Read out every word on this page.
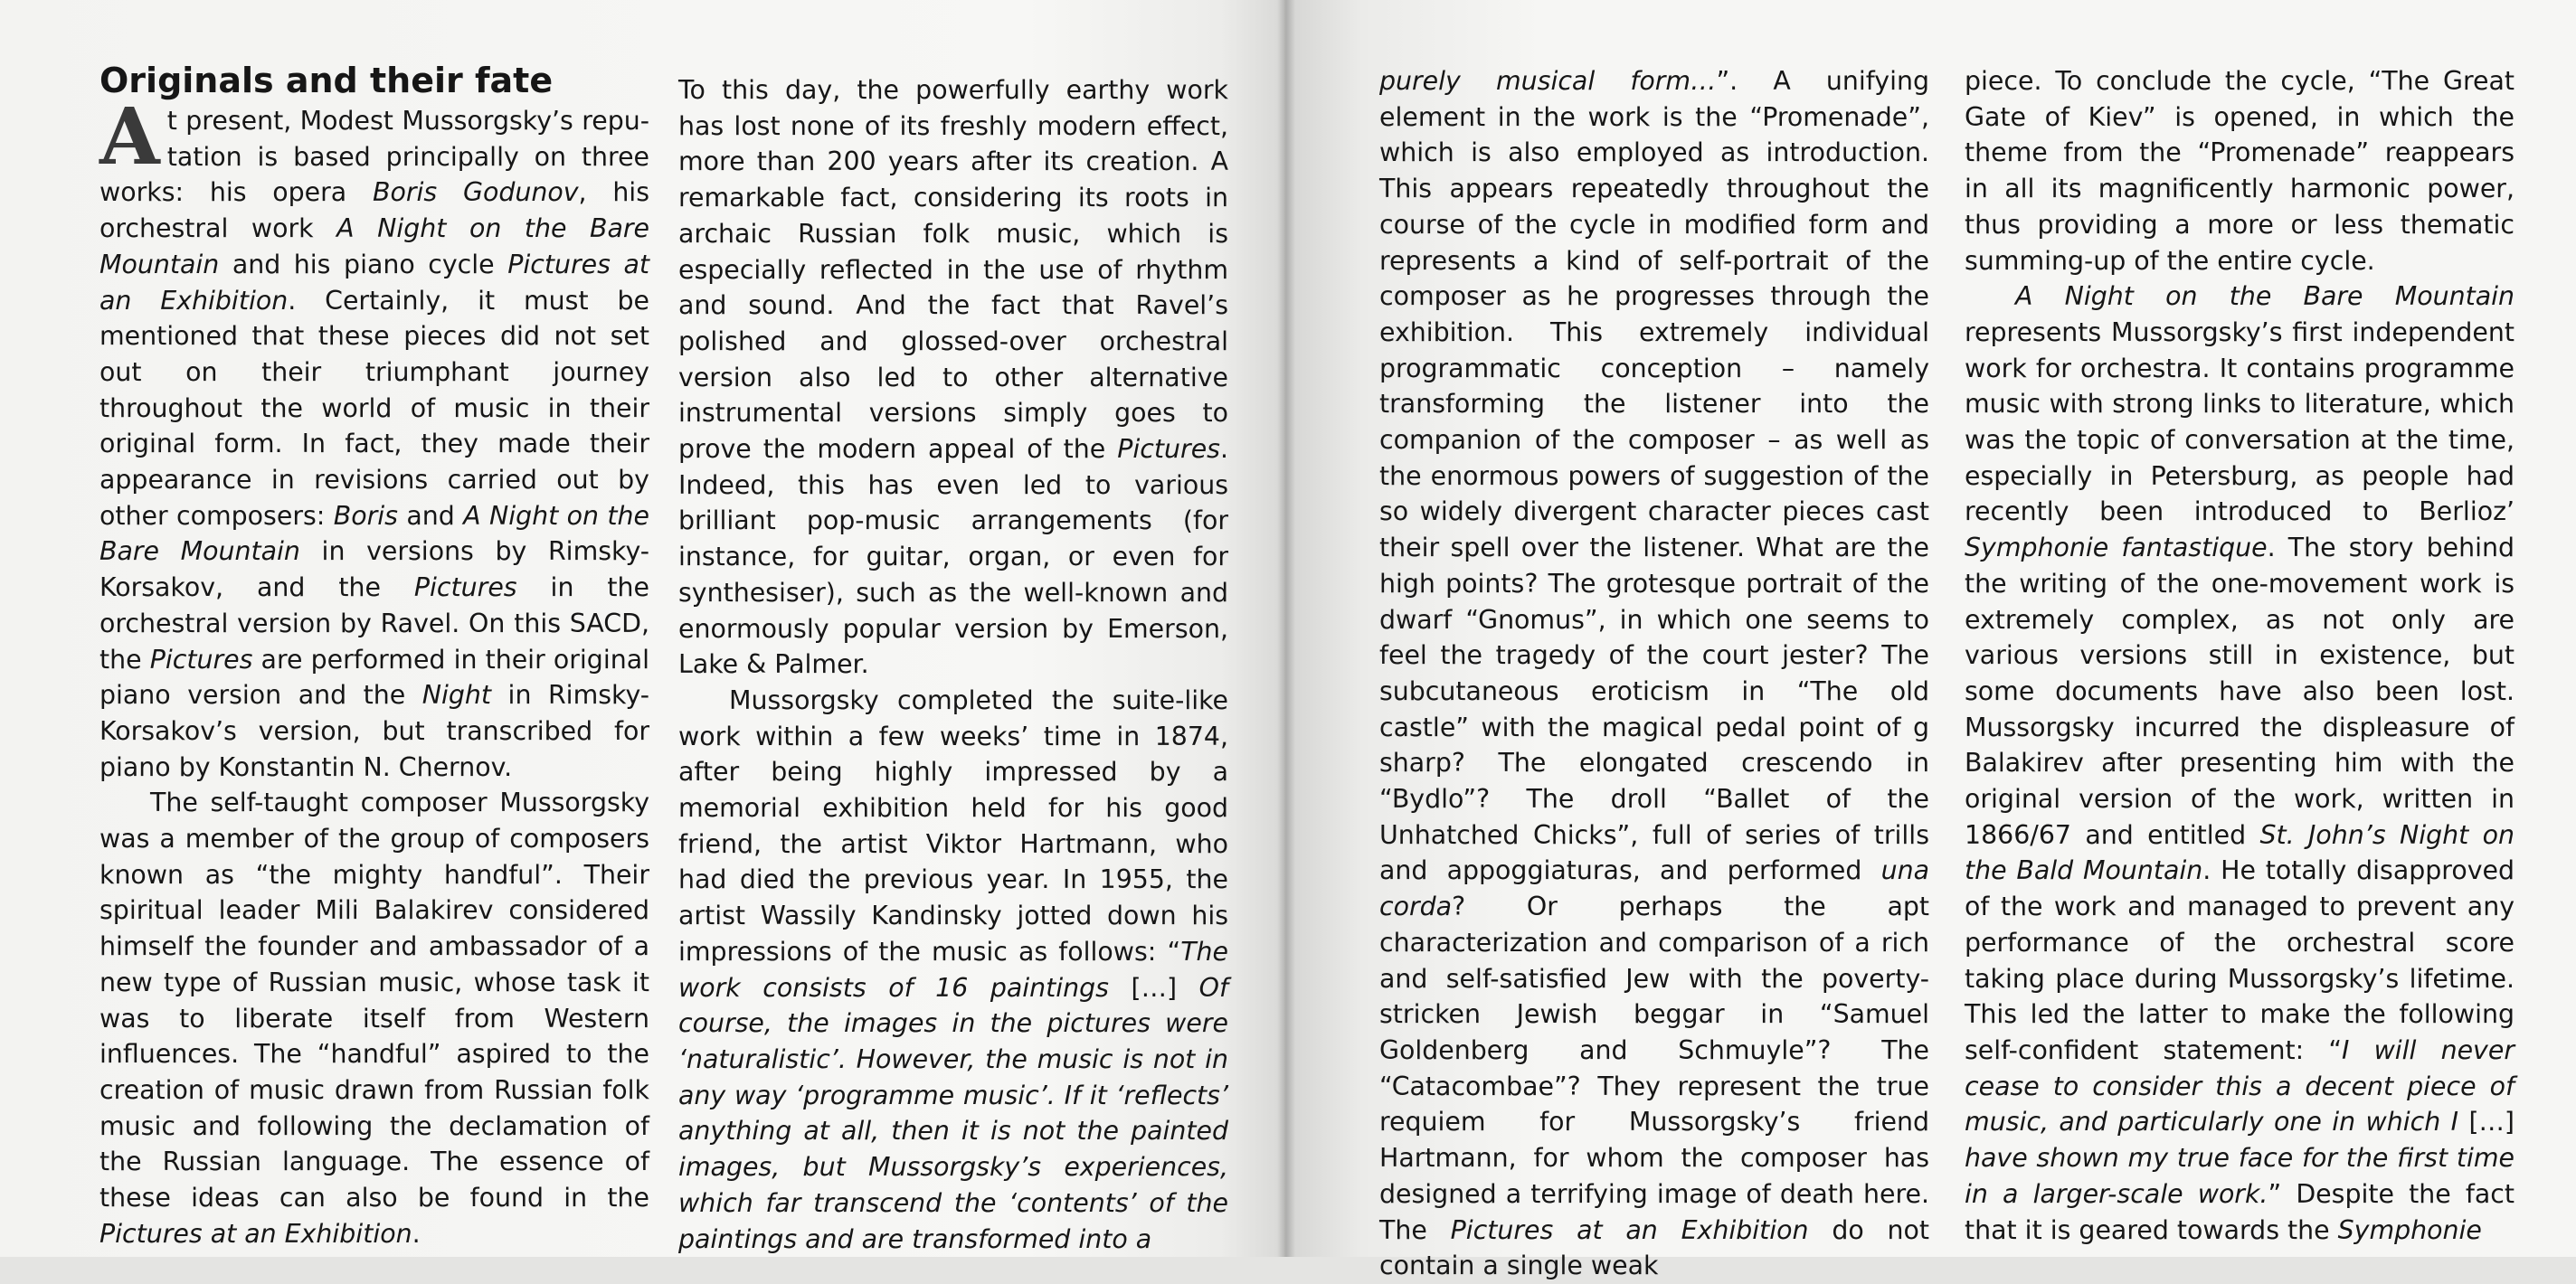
Originals and their fate

At present, Modest Mussorgsky’s repu-tation is based principally on three works: his opera Boris Godunov, his orchestral work A Night on the Bare Mountain and his piano cycle Pictures at an Exhibition. Certainly, it must be mentioned that these pieces did not set out on their triumphant journey throughout the world of music in their original form. In fact, they made their appearance in revisions carried out by other composers: Boris and A Night on the Bare Mountain in versions by Rimsky-Korsakov, and the Pictures in the orchestral version by Ravel. On this SACD, the Pictures are performed in their original piano version and the Night in Rimsky-Korsakov’s version, but transcribed for piano by Konstantin N. Chernov.

The self-taught composer Mussorgsky was a member of the group of composers known as “the mighty handful”. Their spiritual leader Mili Balakirev considered himself the founder and ambassador of a new type of Russian music, whose task it was to liberate itself from Western influences. The “handful” aspired to the creation of music drawn from Russian folk music and following the declamation of the Russian language. The essence of these ideas can also be found in the Pictures at an Exhibition.

To this day, the powerfully earthy work has lost none of its freshly modern effect, more than 200 years after its creation. A remarkable fact, considering its roots in archaic Russian folk music, which is especially reflected in the use of rhythm and sound. And the fact that Ravel’s polished and glossed-over orchestral version also led to other alternative instrumental versions simply goes to prove the modern appeal of the Pictures. Indeed, this has even led to various brilliant pop-music arrangements (for instance, for guitar, organ, or even for synthesiser), such as the well-known and enormously popular version by Emerson, Lake & Palmer.

Mussorgsky completed the suite-like work within a few weeks’ time in 1874, after being highly impressed by a memorial exhibition held for his good friend, the artist Viktor Hartmann, who had died the previous year. In 1955, the artist Wassily Kandinsky jotted down his impressions of the music as follows: “The work consists of 16 paintings […] Of course, the images in the pictures were ‘naturalistic’. However, the music is not in any way ‘programme music’. If it ‘reflects’ anything at all, then it is not the painted images, but Mussorgsky’s experiences, which far transcend the ‘contents’ of the paintings and are transformed into a

purely musical form…”. A unifying element in the work is the “Promenade”, which is also employed as introduction. This appears repeatedly throughout the course of the cycle in modified form and represents a kind of self-portrait of the composer as he progresses through the exhibition. This extremely individual programmatic conception – namely transforming the listener into the companion of the composer – as well as the enormous powers of suggestion of the so widely divergent character pieces cast their spell over the listener. What are the high points? The grotesque portrait of the dwarf “Gnomus”, in which one seems to feel the tragedy of the court jester? The subcutaneous eroticism in “The old castle” with the magical pedal point of g sharp? The elongated crescendo in “Bydlo”? The droll “Ballet of the Unhatched Chicks”, full of series of trills and appoggiaturas, and performed una corda? Or perhaps the apt characterization and comparison of a rich and self-satisfied Jew with the poverty-stricken Jewish beggar in “Samuel Goldenberg and Schmuyle”? The “Catacombae”? They represent the true requiem for Mussorgsky’s friend Hartmann, for whom the composer has designed a terrifying image of death here. The Pictures at an Exhibition do not contain a single weak

piece. To conclude the cycle, “The Great Gate of Kiev” is opened, in which the theme from the “Promenade” reappears in all its magnificently harmonic power, thus providing a more or less thematic summing-up of the entire cycle.

A Night on the Bare Mountain represents Mussorgsky’s first independent work for orchestra. It contains programme music with strong links to literature, which was the topic of conversation at the time, especially in Petersburg, as people had recently been introduced to Berlioz’ Symphonie fantastique. The story behind the writing of the one-movement work is extremely complex, as not only are various versions still in existence, but some documents have also been lost. Mussorgsky incurred the displeasure of Balakirev after presenting him with the original version of the work, written in 1866/67 and entitled St. John’s Night on the Bald Mountain. He totally disapproved of the work and managed to prevent any performance of the orchestral score taking place during Mussorgsky’s lifetime. This led the latter to make the following self-confident statement: “I will never cease to consider this a decent piece of music, and particularly one in which I […] have shown my true face for the first time in a larger-scale work.” Despite the fact that it is geared towards the Symphonie
